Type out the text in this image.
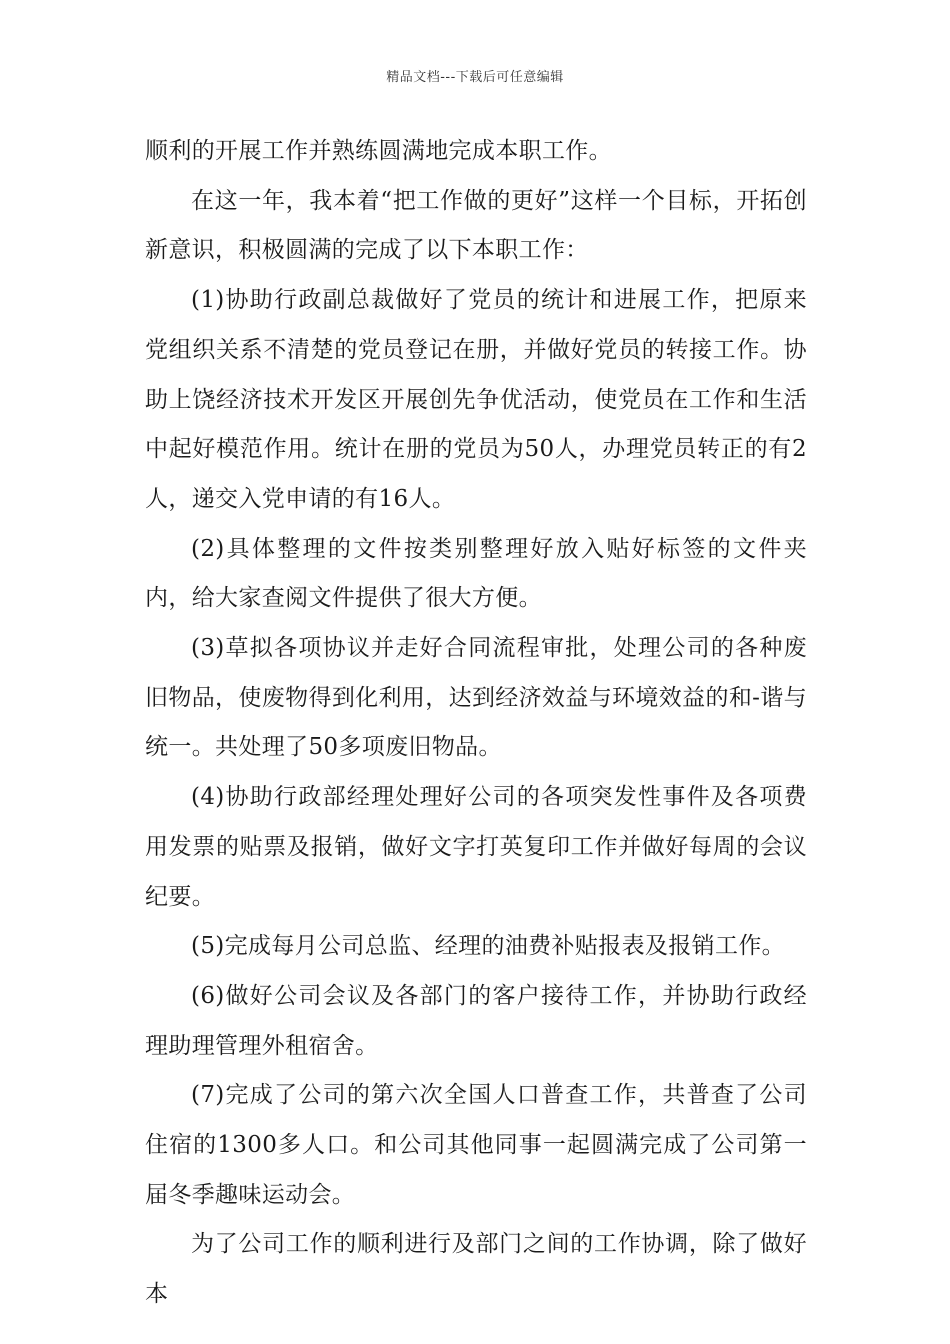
精品文档---下载后可任意编辑

顺利的开展工作并熟练圆满地完成本职工作。

在这一年，我本着“把工作做的更好”这样一个目标，开拓创新意识，积极圆满的完成了以下本职工作：

(1)协助行政副总裁做好了党员的统计和进展工作，把原来党组织关系不清楚的党员登记在册，并做好党员的转接工作。协助上饶经济技术开发区开展创先争优活动，使党员在工作和生活中起好模范作用。统计在册的党员为50人，办理党员转正的有2人，递交入党申请的有16人。

(2)具体整理的文件按类别整理好放入贴好标签的文件夹内，给大家查阅文件提供了很大方便。

(3)草拟各项协议并走好合同流程审批，处理公司的各种废旧物品，使废物得到化利用，达到经济效益与环境效益的和-谐与统一。共处理了50多项废旧物品。

(4)协助行政部经理处理好公司的各项突发性事件及各项费用发票的贴票及报销，做好文字打英复印工作并做好每周的会议纪要。

(5)完成每月公司总监、经理的油费补贴报表及报销工作。

(6)做好公司会议及各部门的客户接待工作，并协助行政经理助理管理外租宿舍。

(7)完成了公司的第六次全国人口普查工作，共普查了公司住宿的1300多人口。和公司其他同事一起圆满完成了公司第一届冬季趣味运动会。

为了公司工作的顺利进行及部门之间的工作协调，除了做好本
